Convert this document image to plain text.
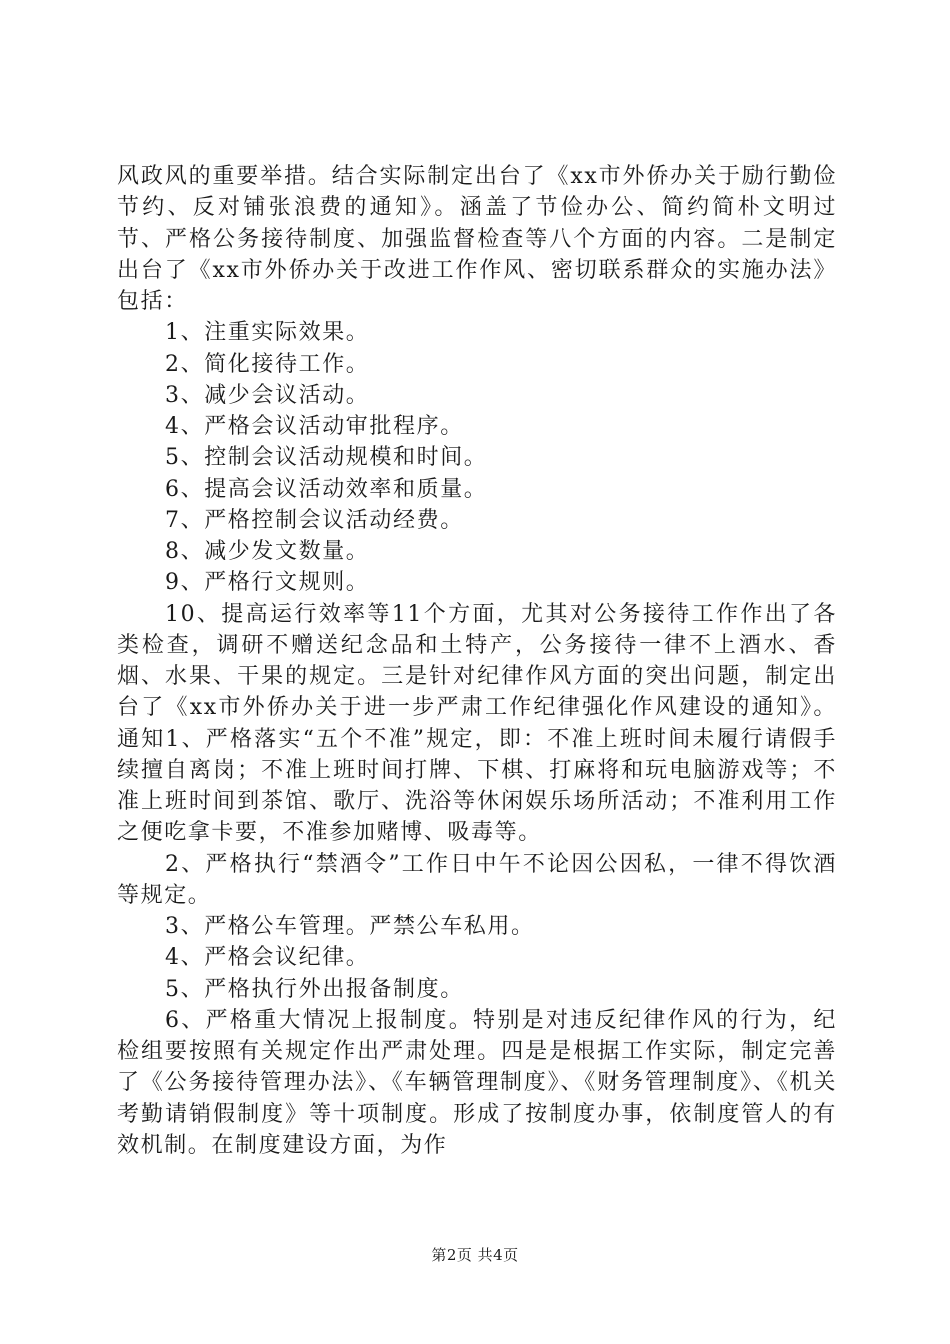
风政风的重要举措。结合实际制定出台了《xx市外侨办关于励行勤俭节约、反对铺张浪费的通知》。涵盖了节俭办公、简约简朴文明过节、严格公务接待制度、加强监督检查等八个方面的内容。二是制定出台了《xx市外侨办关于改进工作作风、密切联系群众的实施办法》包括：

1、注重实际效果。

2、简化接待工作。

3、减少会议活动。

4、严格会议活动审批程序。

5、控制会议活动规模和时间。

6、提高会议活动效率和质量。

7、严格控制会议活动经费。

8、减少发文数量。

9、严格行文规则。

10、提高运行效率等11个方面，尤其对公务接待工作作出了各类检查，调研不赠送纪念品和土特产，公务接待一律不上酒水、香烟、水果、干果的规定。三是针对纪律作风方面的突出问题，制定出台了《xx市外侨办关于进一步严肃工作纪律强化作风建设的通知》。通知1、严格落实“五个不准”规定，即：不准上班时间未履行请假手续擅自离岗；不准上班时间打牌、下棋、打麻将和玩电脑游戏等；不准上班时间到茶馆、歌厅、洗浴等休闲娱乐场所活动；不准利用工作之便吃拿卡要，不准参加赌博、吸毒等。

2、严格执行“禁酒令”工作日中午不论因公因私，一律不得饮酒等规定。

3、严格公车管理。严禁公车私用。

4、严格会议纪律。

5、严格执行外出报备制度。

6、严格重大情况上报制度。特别是对违反纪律作风的行为，纪检组要按照有关规定作出严肃处理。四是是根据工作实际，制定完善了《公务接待管理办法》、《车辆管理制度》、《财务管理制度》、《机关考勤请销假制度》等十项制度。形成了按制度办事，依制度管人的有效机制。在制度建设方面，为作

第2页 共4页
